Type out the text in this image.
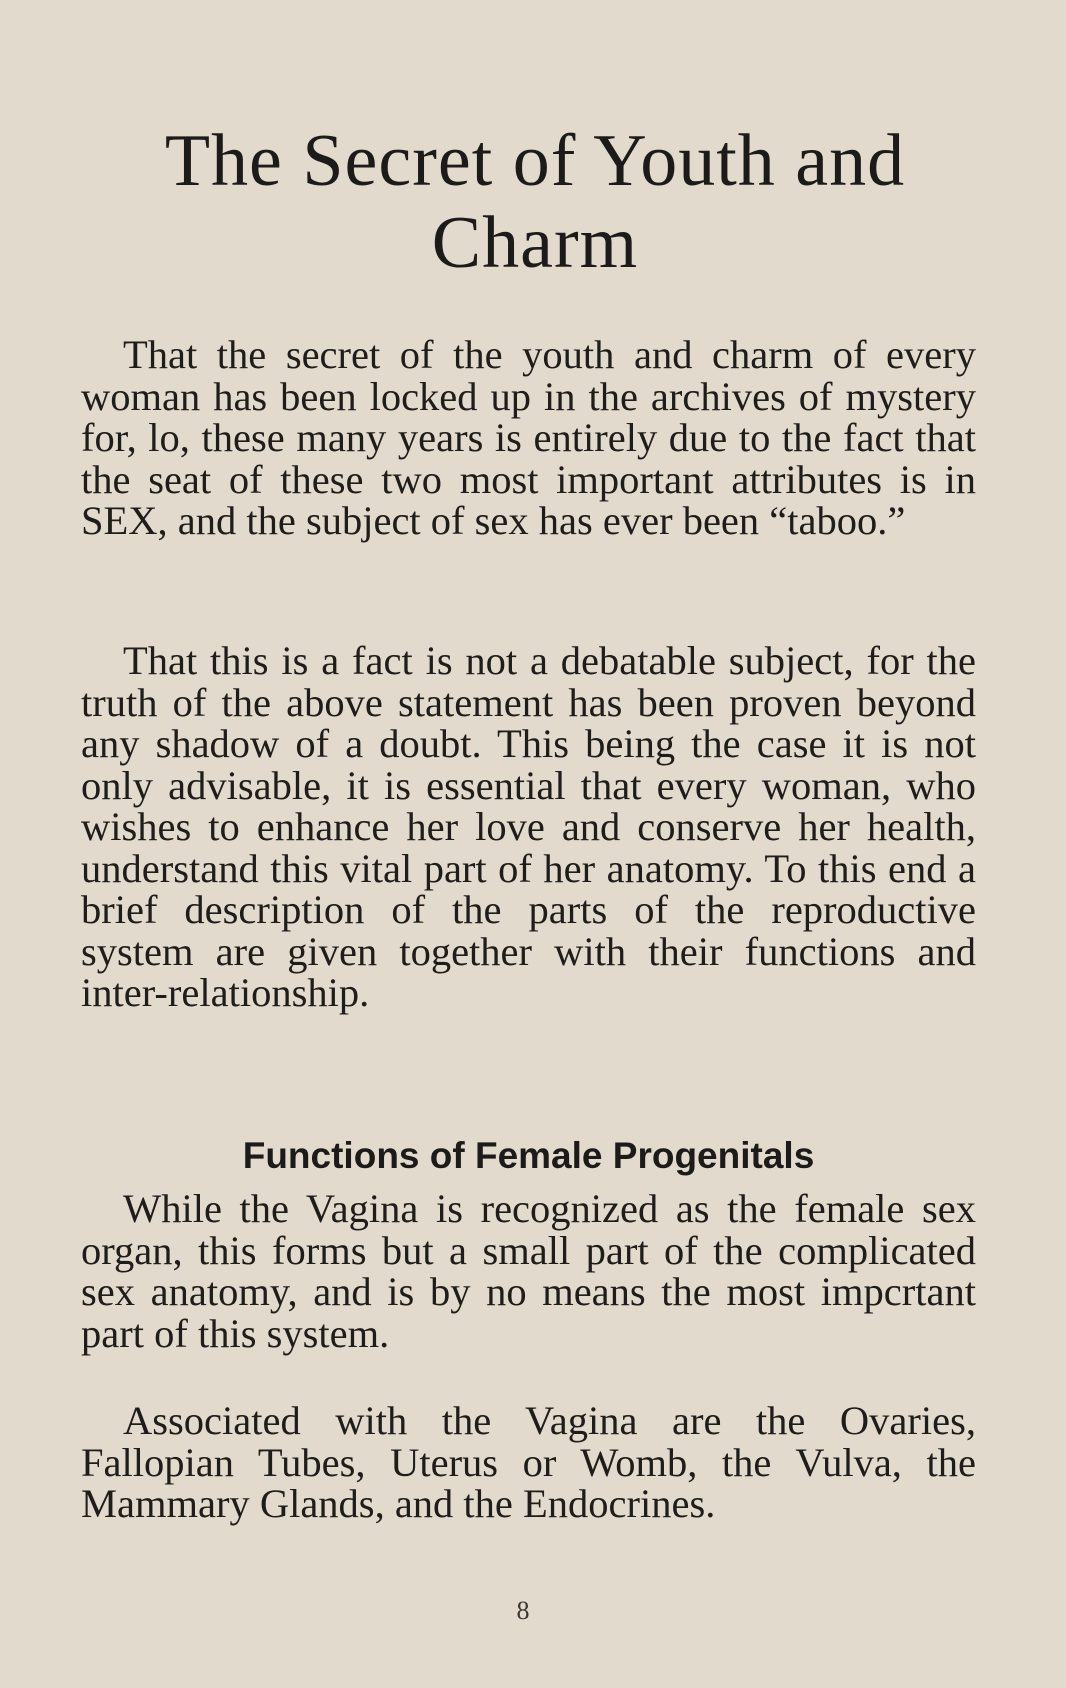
The Secret of Youth and Charm

That the secret of the youth and charm of every woman has been locked up in the archives of mystery for, lo, these many years is entirely due to the fact that the seat of these two most important attributes is in SEX, and the subject of sex has ever been “taboo.”

That this is a fact is not a debatable subject, for the truth of the above statement has been proven beyond any shadow of a doubt. This being the case it is not only advisable, it is essential that every woman, who wishes to enhance her love and conserve her health, understand this vital part of her anatomy. To this end a brief description of the parts of the reproductive system are given together with their functions and inter-relationship.

Functions of Female Progenitals

While the Vagina is recognized as the female sex organ, this forms but a small part of the complicated sex anatomy, and is by no means the most impcrtant part of this system.

Associated with the Vagina are the Ovaries, Fallopian Tubes, Uterus or Womb, the Vulva, the Mammary Glands, and the Endocrines.

8
